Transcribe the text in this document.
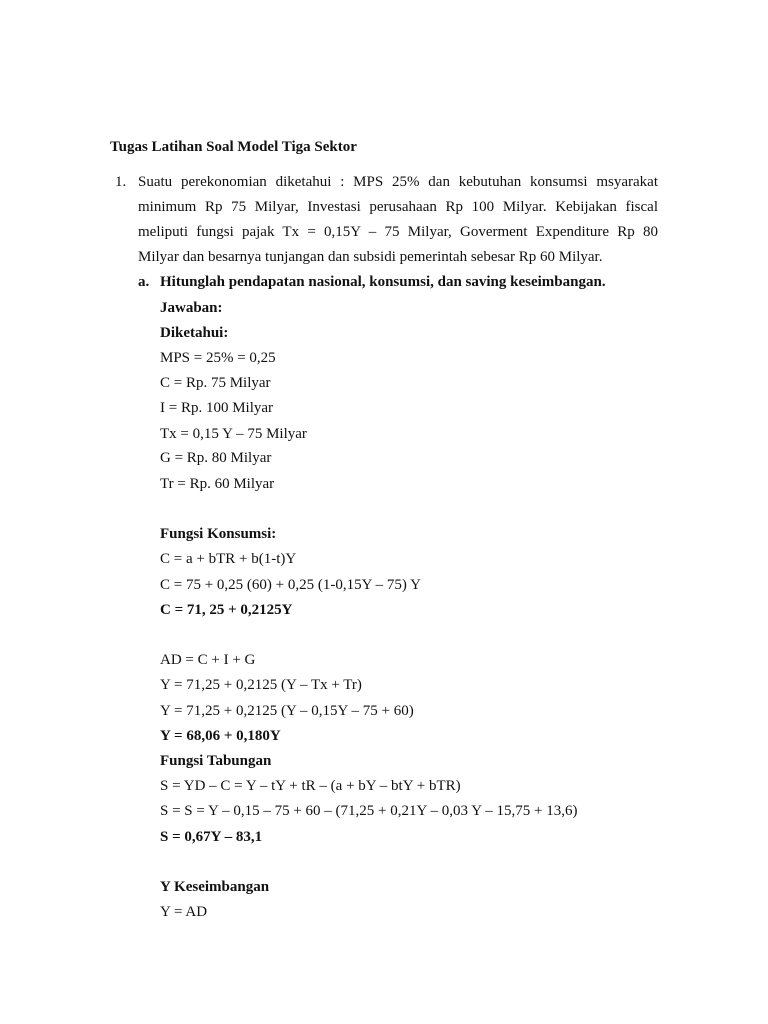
Tugas Latihan Soal Model Tiga Sektor
1. Suatu perekonomian diketahui : MPS 25% dan kebutuhan konsumsi msyarakat
minimum Rp 75 Milyar, Investasi perusahaan Rp 100 Milyar. Kebijakan fiscal
meliputi fungsi pajak Tx = 0,15Y – 75 Milyar, Goverment Expenditure Rp 80
Milyar dan besarnya tunjangan dan subsidi pemerintah sebesar Rp 60 Milyar.
a. Hitunglah pendapatan nasional, konsumsi, dan saving keseimbangan.
Jawaban:
Diketahui:
MPS = 25% = 0,25
C = Rp. 75 Milyar
I = Rp. 100 Milyar
Tx = 0,15 Y – 75 Milyar
G = Rp. 80 Milyar
Tr = Rp. 60 Milyar
Fungsi Konsumsi:
C = a + bTR + b(1-t)Y
C = 75 + 0,25 (60) + 0,25 (1-0,15Y – 75) Y
C = 71, 25 + 0,2125Y
AD = C + I + G
Y = 71,25 + 0,2125 (Y – Tx + Tr)
Y = 71,25 + 0,2125 (Y – 0,15Y – 75 + 60)
Y = 68,06 + 0,180Y
Fungsi Tabungan
S = YD – C = Y – tY + tR – (a + bY – btY + bTR)
S = S = Y – 0,15 – 75 + 60 – (71,25 + 0,21Y – 0,03 Y – 15,75 + 13,6)
S = 0,67Y – 83,1
Y Keseimbangan
Y = AD
